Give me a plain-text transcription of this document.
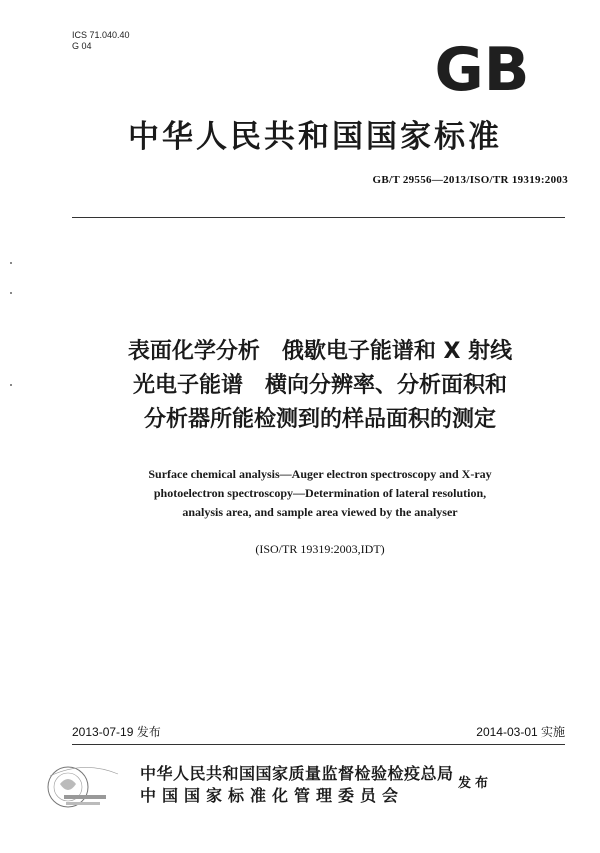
ICS 71.040.40
G 04	GB
中华人民共和国国家标准
GB/T 29556—2013/ISO/TR 19319:2003
表面化学分析　俄歇电子能谱和 X 射线
光电子能谱　横向分辨率、分析面积和
分析器所能检测到的样品面积的测定
Surface chemical analysis—Auger electron spectroscopy and X-ray
photoelectron spectroscopy—Determination of lateral resolution,
analysis area, and sample area viewed by the analyser
(ISO/TR 19319:2003,IDT)
2013-07-19 发布	2014-03-01 实施
中华人民共和国国家质量监督检验检疫总局
中国国家标准化管理委员会
发布
